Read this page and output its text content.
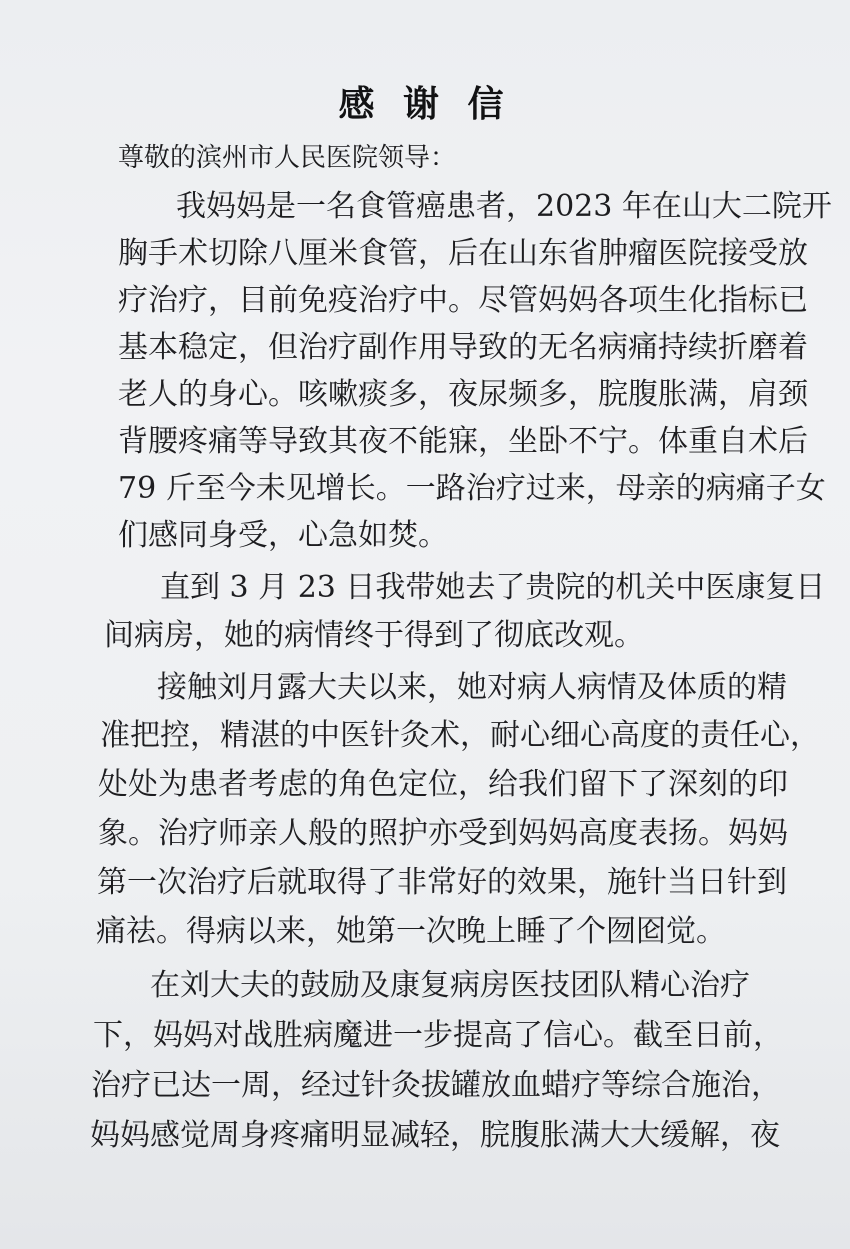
感 谢 信
尊敬的滨州市人民医院领导：
我妈妈是一名食管癌患者，2023 年在山大二院开
胸手术切除八厘米食管，后在山东省肿瘤医院接受放
疗治疗，目前免疫治疗中。尽管妈妈各项生化指标已
基本稳定，但治疗副作用导致的无名病痛持续折磨着
老人的身心。咳嗽痰多，夜尿频多，脘腹胀满，肩颈
背腰疼痛等导致其夜不能寐，坐卧不宁。体重自术后
79 斤至今未见增长。一路治疗过来，母亲的病痛子女
们感同身受，心急如焚。
直到 3 月 23 日我带她去了贵院的机关中医康复日
间病房，她的病情终于得到了彻底改观。
接触刘月露大夫以来，她对病人病情及体质的精
准把控，精湛的中医针灸术，耐心细心高度的责任心，
处处为患者考虑的角色定位，给我们留下了深刻的印
象。治疗师亲人般的照护亦受到妈妈高度表扬。妈妈
第一次治疗后就取得了非常好的效果，施针当日针到
痛祛。得病以来，她第一次晚上睡了个囫囵觉。
在刘大夫的鼓励及康复病房医技团队精心治疗
下，妈妈对战胜病魔进一步提高了信心。截至日前，
治疗已达一周，经过针灸拔罐放血蜡疗等综合施治，
妈妈感觉周身疼痛明显减轻，脘腹胀满大大缓解，夜
